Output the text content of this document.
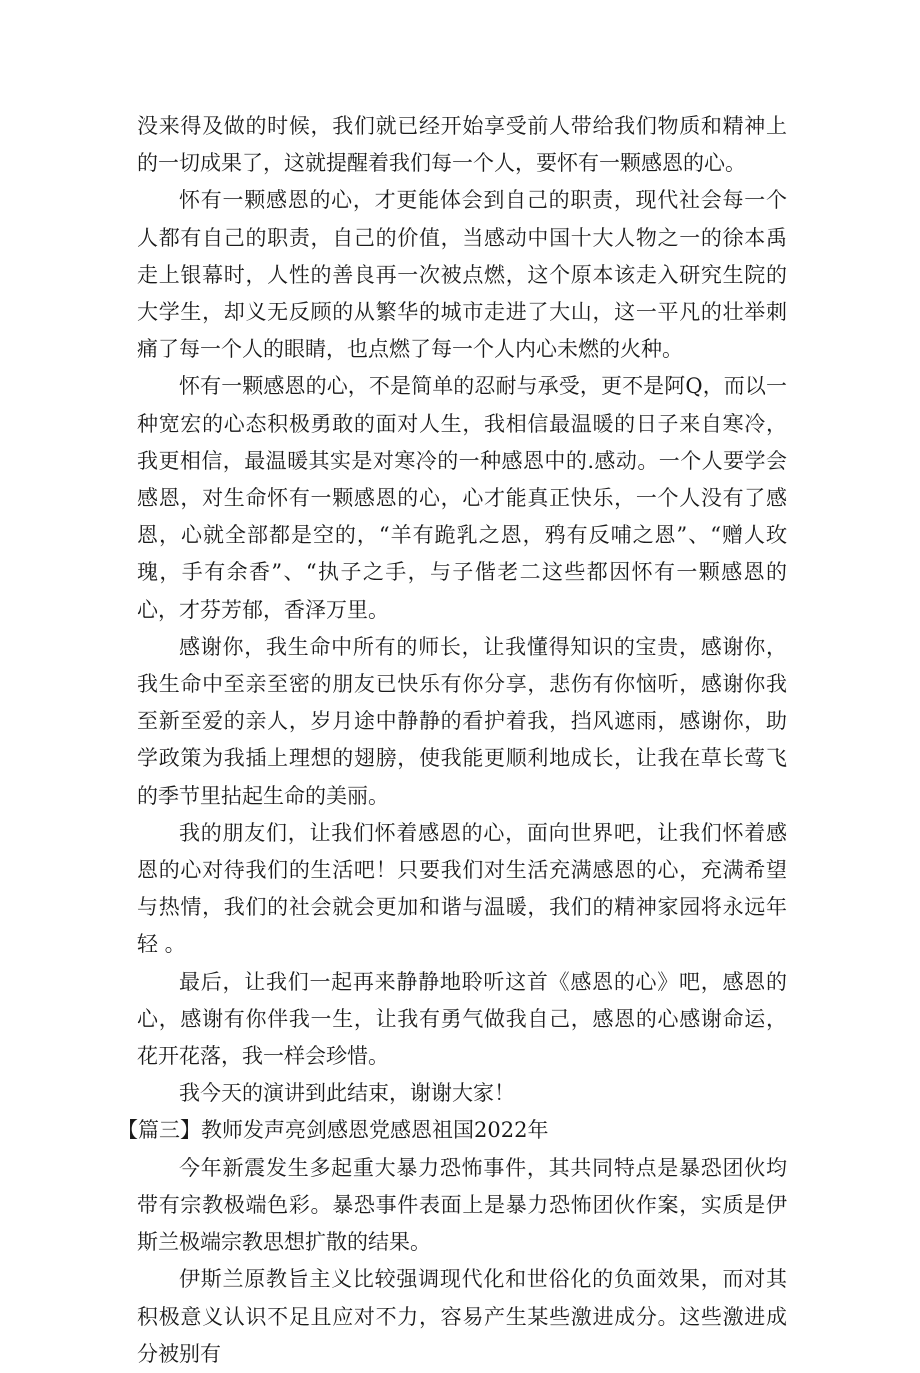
没来得及做的时候，我们就已经开始享受前人带给我们物质和精神上的一切成果了，这就提醒着我们每一个人，要怀有一颗感恩的心。

怀有一颗感恩的心，才更能体会到自己的职责，现代社会每一个人都有自己的职责，自己的价值，当感动中国十大人物之一的徐本禹走上银幕时，人性的善良再一次被点燃，这个原本该走入研究生院的大学生，却义无反顾的从繁华的城市走进了大山，这一平凡的壮举刺痛了每一个人的眼睛，也点燃了每一个人内心未燃的火种。

怀有一颗感恩的心，不是简单的忍耐与承受，更不是阿Q，而以一种宽宏的心态积极勇敢的面对人生，我相信最温暖的日子来自寒冷，我更相信，最温暖其实是对寒冷的一种感恩中的.感动。一个人要学会感恩，对生命怀有一颗感恩的心，心才能真正快乐，一个人没有了感恩，心就全部都是空的，“羊有跪乳之恩，鸦有反哺之恩”、“赠人玫瑰，手有余香”、“执子之手，与子偕老二这些都因怀有一颗感恩的心，才芬芳郁，香泽万里。

感谢你，我生命中所有的师长，让我懂得知识的宝贵，感谢你，我生命中至亲至密的朋友已快乐有你分享，悲伤有你恼听，感谢你我至新至爱的亲人，岁月途中静静的看护着我，挡风遮雨，感谢你，助学政策为我插上理想的翅膀，使我能更顺利地成长，让我在草长莺飞的季节里拈起生命的美丽。

我的朋友们，让我们怀着感恩的心，面向世界吧，让我们怀着感恩的心对待我们的生活吧！只要我们对生活充满感恩的心，充满希望与热情，我们的社会就会更加和谐与温暖，我们的精神家园将永远年轻 。

最后，让我们一起再来静静地聆听这首《感恩的心》吧，感恩的心，感谢有你伴我一生，让我有勇气做我自己，感恩的心感谢命运，花开花落，我一样会珍惜。

我今天的演讲到此结束，谢谢大家！

【篇三】教师发声亮剑感恩党感恩祖国2022年

今年新震发生多起重大暴力恐怖事件，其共同特点是暴恐团伙均带有宗教极端色彩。暴恐事件表面上是暴力恐怖团伙作案，实质是伊斯兰极端宗教思想扩散的结果。

伊斯兰原教旨主义比较强调现代化和世俗化的负面效果，而对其积极意义认识不足且应对不力，容易产生某些激进成分。这些激进成分被别有
